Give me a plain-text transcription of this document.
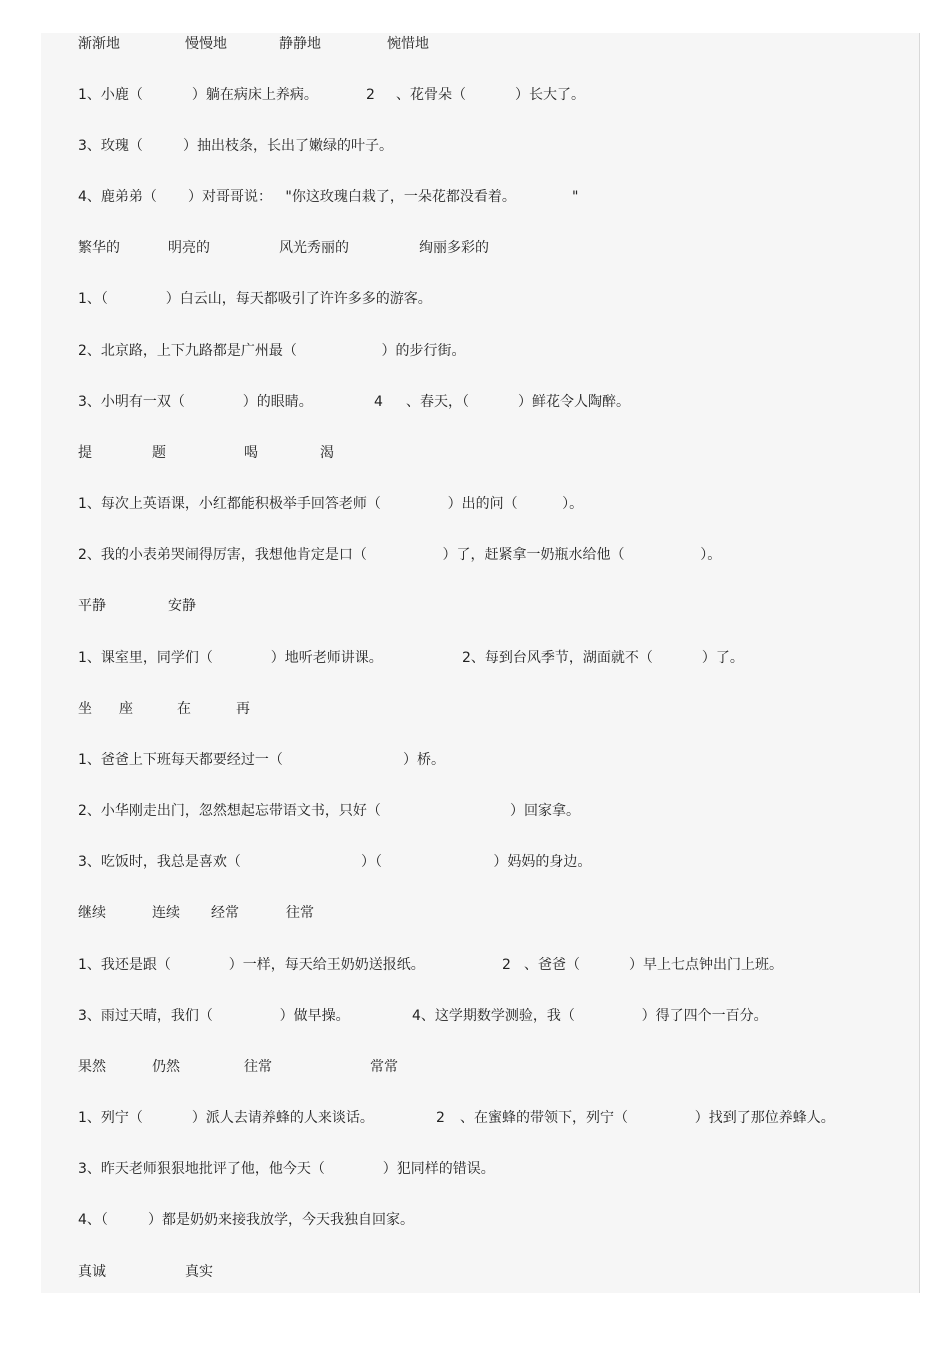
渐渐地

	慢慢地

	静静地

	惋惜地

1、小鹿（           ）躺在病床上养病。

	2

、花骨朵（           ）长大了。

3、玫瑰（         ）抽出枝条，长出了嫩绿的叶子。

4、鹿弟弟（       ）对哥哥说：   "你这玫瑰白栽了，一朵花都没看着。

	"

繁华的

	明亮的

	风光秀丽的

	绚丽多彩的

1、（             ）白云山，每天都吸引了许许多多的游客。

2、北京路，上下九路都是广州最（                   ）的步行街。

3、小明有一双（             ）的眼睛。

	4

、春天，（           ）鲜花令人陶醉。

提

	题

	喝

	渴

1、每次上英语课，小红都能积极举手回答老师（               ）出的问（          ）。

2、我的小表弟哭闹得厉害，我想他肯定是口（                 ）了，赶紧拿一奶瓶水给他（                 ）。

平静

	安静

1、课室里，同学们（             ）地听老师讲课。

	2、每到台风季节，湖面就不（           ）了。

坐

座

	在

	再

1、爸爸上下班每天都要经过一（                           ）桥。

2、小华刚走出门，忽然想起忘带语文书，只好（                             ）回家拿。

3、吃饭时，我总是喜欢（                           ）（                         ）妈妈的身边。

继续

	连续

经常

	往常

1、我还是跟（             ）一样，每天给王奶奶送报纸。

	2

、爸爸（           ）早上七点钟出门上班。

3、雨过天晴，我们（               ）做早操。

	4、这学期数学测验，我（               ）得了四个一百分。

果然

	仍然

	往常

	常常

1、列宁（           ）派人去请养蜂的人来谈话。

	2

、在蜜蜂的带领下，列宁（               ）找到了那位养蜂人。

3、昨天老师狠狠地批评了他，他今天（             ）犯同样的错误。

4、（         ）都是奶奶来接我放学，今天我独自回家。

真诚

	真实
